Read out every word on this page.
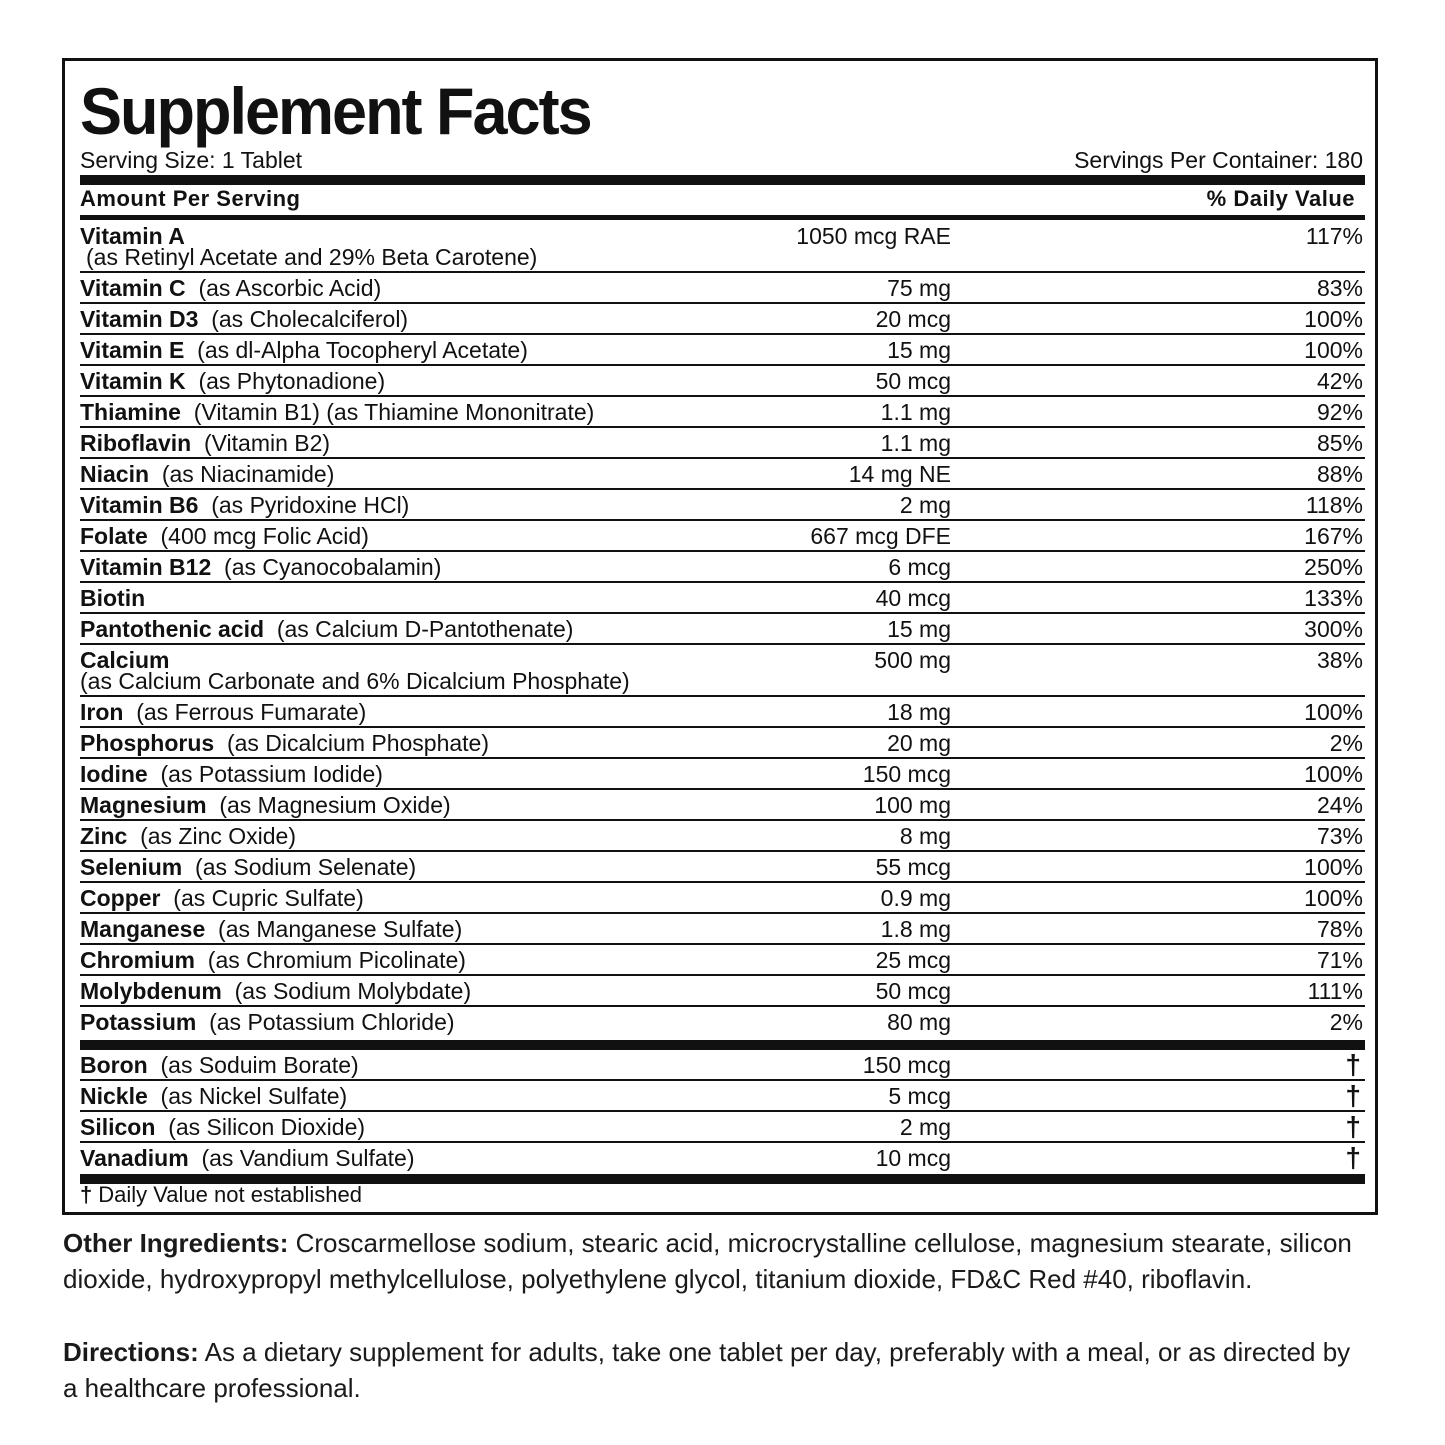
Supplement Facts
Serving Size: 1 Tablet	Servings Per Container: 180
Amount Per Serving	% Daily Value
Vitamin A
(as Retinyl Acetate and 29% Beta Carotene)
1050 mcg RAE	117%
Vitamin C (as Ascorbic Acid)	75 mg	83%
Vitamin D3 (as Cholecalciferol)	20 mcg	100%
Vitamin E (as dl-Alpha Tocopheryl Acetate)	15 mg	100%
Vitamin K (as Phytonadione)	50 mcg	42%
Thiamine (Vitamin B1) (as Thiamine Mononitrate)	1.1 mg	92%
Riboflavin (Vitamin B2)	1.1 mg	85%
Niacin (as Niacinamide)	14 mg NE	88%
Vitamin B6 (as Pyridoxine HCl)	2 mg	118%
Folate (400 mcg Folic Acid)	667 mcg DFE	167%
Vitamin B12 (as Cyanocobalamin)	6 mcg	250%
Biotin	40 mcg	133%
Pantothenic acid (as Calcium D-Pantothenate)	15 mg	300%
Calcium
(as Calcium Carbonate and 6% Dicalcium Phosphate)
500 mg	38%
Iron (as Ferrous Fumarate)	18 mg	100%
Phosphorus (as Dicalcium Phosphate)	20 mg	2%
Iodine (as Potassium Iodide)	150 mcg	100%
Magnesium (as Magnesium Oxide)	100 mg	24%
Zinc (as Zinc Oxide)	8 mg	73%
Selenium (as Sodium Selenate)	55 mcg	100%
Copper (as Cupric Sulfate)	0.9 mg	100%
Manganese (as Manganese Sulfate)	1.8 mg	78%
Chromium (as Chromium Picolinate)	25 mcg	71%
Molybdenum (as Sodium Molybdate)	50 mcg	111%
Potassium (as Potassium Chloride)	80 mg	2%
Boron (as Soduim Borate)	150 mcg	†
Nickle (as Nickel Sulfate)	5 mcg	†
Silicon (as Silicon Dioxide)	2 mg	†
Vanadium (as Vandium Sulfate)	10 mcg	†
† Daily Value not established
Other Ingredients: Croscarmellose sodium, stearic acid, microcrystalline cellulose, magnesium stearate, silicon dioxide, hydroxypropyl methylcellulose, polyethylene glycol, titanium dioxide, FD&C Red #40, riboflavin.
Directions: As a dietary supplement for adults, take one tablet per day, preferably with a meal, or as directed by a healthcare professional.
